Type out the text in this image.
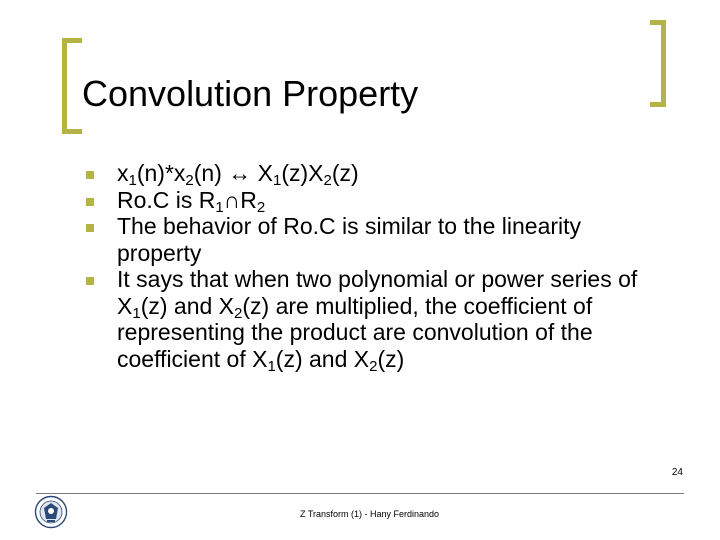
Convolution Property
$x_1(n)*x_2(n)$ ↔ $X_1(z)X_2(z)$
Ro.C is $R_1\cap R_2$
The behavior of Ro.C is similar to the linearity property
It says that when two polynomial or power series of $X_1(z)$ and $X_2(z)$ are multiplied, the coefficient of representing the product are convolution of the coefficient of $X_1(z)$ and $X_2(z)$
24
Z Transform (1) - Hany Ferdinando
